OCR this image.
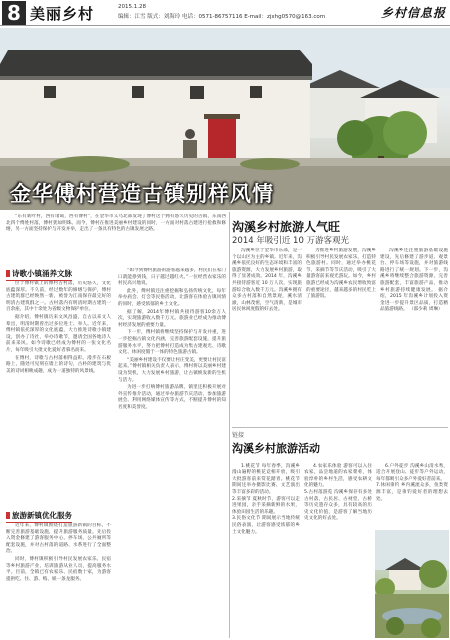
8 美丽乡村	2015.1.28
编辑：江雪 版式：刘海玲 电话：0571-86757116 E-mail：zjxhg0570@163.com	乡村信息报
金华傅村营造古镇别样风情

“东有新叶村，西有诸葛，西有傅村”，在金华市义乌北部发现了傅村这个拥有悠久历史的古镇，东南西北四个傅姓村落，傅村犹如明珠。而今，傅村在推进美丽乡村建设的同时，一方面对村落古建进行抢救和修缮，另一方面坚持保护与开发并举，走出了一条具有特色的古镇发展之路。

诗歌小镇涌养文脉

位于傅村镇上的傅村古村落，历史悠久，文化底蕴深厚。不久前，经过数年的修缮与保护，傅村古建筑群已经焕然一新，被誉为江南保存最完好的明清古建筑群之一。古村落内有明清时期古建筑一百余座，其中十余处为省级文物保护单位。

据介绍，傅村镇历来文风昌盛，自古以来文人辈出，明清时期曾出过多位进士、举人。近年来，傅村镇依托深厚的文化底蕴，大力推进诗歌小镇建设，创办了诗社，举办诗歌节，邀请全国各地诗人前来采风。如今诗歌已经成为傅村的一张文化名片，每年吸引大批文化爱好者慕名而来。

在傅村，诗歌与古村落相得益彰。漫步在石板路上，随处可见刻在墙上的诗句，古朴的建筑与优美的诗词相映成趣，成为一道独特的风景线。

旅游新镇优化服务

近年来，傅村镇围绕打造旅游新镇的目标，不断完善旅游基础设施，提升旅游服务质量。先后投入资金修建了游客服务中心、停车场、公共厕所等配套设施，并对古村落的道路、水系进行了全面整治。

同时，傅村镇积极引导村民发展农家乐、民宿等乡村旅游产业，培训旅游从业人员，提高服务水平。目前，全镇已有农家乐、民宿数十家，为游客提供吃、住、游、购、娱一条龙服务。

“如今到傅村旅游的游客越来越多，村民们在家门口就能挣到钱，日子越过越红火。”一位经营农家乐的村民高兴地说。

此外，傅村镇还注重挖掘和弘扬传统文化，每年举办庙会、灯会等民俗活动，让游客在体验古镇风情的同时，感受浓郁的乡土文化。

据了解，2014年傅村镇共接待游客10余万人次，实现旅游收入数千万元。旅游业已经成为推动傅村经济发展的重要力量。

下一步，傅村镇将继续坚持保护与开发并重，进一步挖掘古镇文化内涵，完善旅游配套设施，提升旅游服务水平，努力把傅村打造成为集古建观光、诗歌文化、休闲度假于一体的特色旅游古镇。

“美丽乡村建设不仅要让村庄变美，更要让村民富起来。”傅村镇相关负责人表示，傅村将以美丽乡村建设为契机，大力发展乡村旅游，让古镇焕发新的生机与活力。

为进一步打响傅村旅游品牌，镇里还积极开展对外宣传推介活动，通过举办旅游节庆活动、参加旅游展会、利用网络媒体宣传等方式，不断提升傅村的知名度和美誉度。

沟溪乡村旅游人气旺
2014 年吸引近 10 万游客观光

沟溪乡位于金华市东部，是一个以山区为主的乡镇。近年来，沟溪乡依托良好的生态环境和丰富的旅游资源，大力发展乡村旅游，取得了显著成效。2014 年，沟溪乡共接待游客近 10 万人次，实现旅游综合收入数千万元。沟溪乡拥有众多古村落和自然景观，溪水清澈，山林茂密，空气清新，是城市居民休闲度假的好去处。

为推进乡村旅游发展，沟溪乡积极引导村民发展农家乐，打造特色旅游村。同时，通过举办桃花节、采摘节等节庆活动，吸引了大量游客前来观光游玩。如今，乡村旅游已经成为沟溪乡农民增收致富的重要途径，越来越多的村民吃上了旅游饭。

沟溪乡还注重旅游基础设施建设，先后修建了游步道、观景台、停车场等设施，并对旅游线路进行了统一规划。下一步，沟溪乡将继续整合旅游资源，完善旅游配套，丰富旅游产品，推动乡村旅游持续健康发展。 据介绍，2015 年沟溪乡计划投入资金进一步提升景区品质，打造精品旅游线路。 （邵少莉 周琳）

链接
沟溪乡村旅游活动

1.桃花节 每年春季，沟溪乡漫山遍野的桃花竞相开放，吸引大批游客前来赏花踏青。桃花节期间还举办摄影比赛、文艺演出等丰富多彩的活动。
2.采摘节 夏秋时节，游客可以走进果园，亲手采摘新鲜的水果，体验田园生活的乐趣。
3.民俗文化节 期间展示当地传统民俗表演，让游客感受浓郁的乡土文化魅力。

4.农家乐体验 游客可以入住农家，品尝地道的农家菜肴，体验淳朴的乡村生活，感受农耕文化的魅力。
5.古村落游览 沟溪乡保存有多处古村落，古民居、古祠堂、古桥等历史遗存众多，具有较高的历史文化价值，是游客了解当地历史文化的好去处。

6.户外徒步 沟溪乡山清水秀，适合开展登山、徒步等户外运动，每年都吸引众多户外爱好者前来。
7.休闲垂钓 乡内溪流众多，鱼类资源丰富，是垂钓爱好者的理想去处。
